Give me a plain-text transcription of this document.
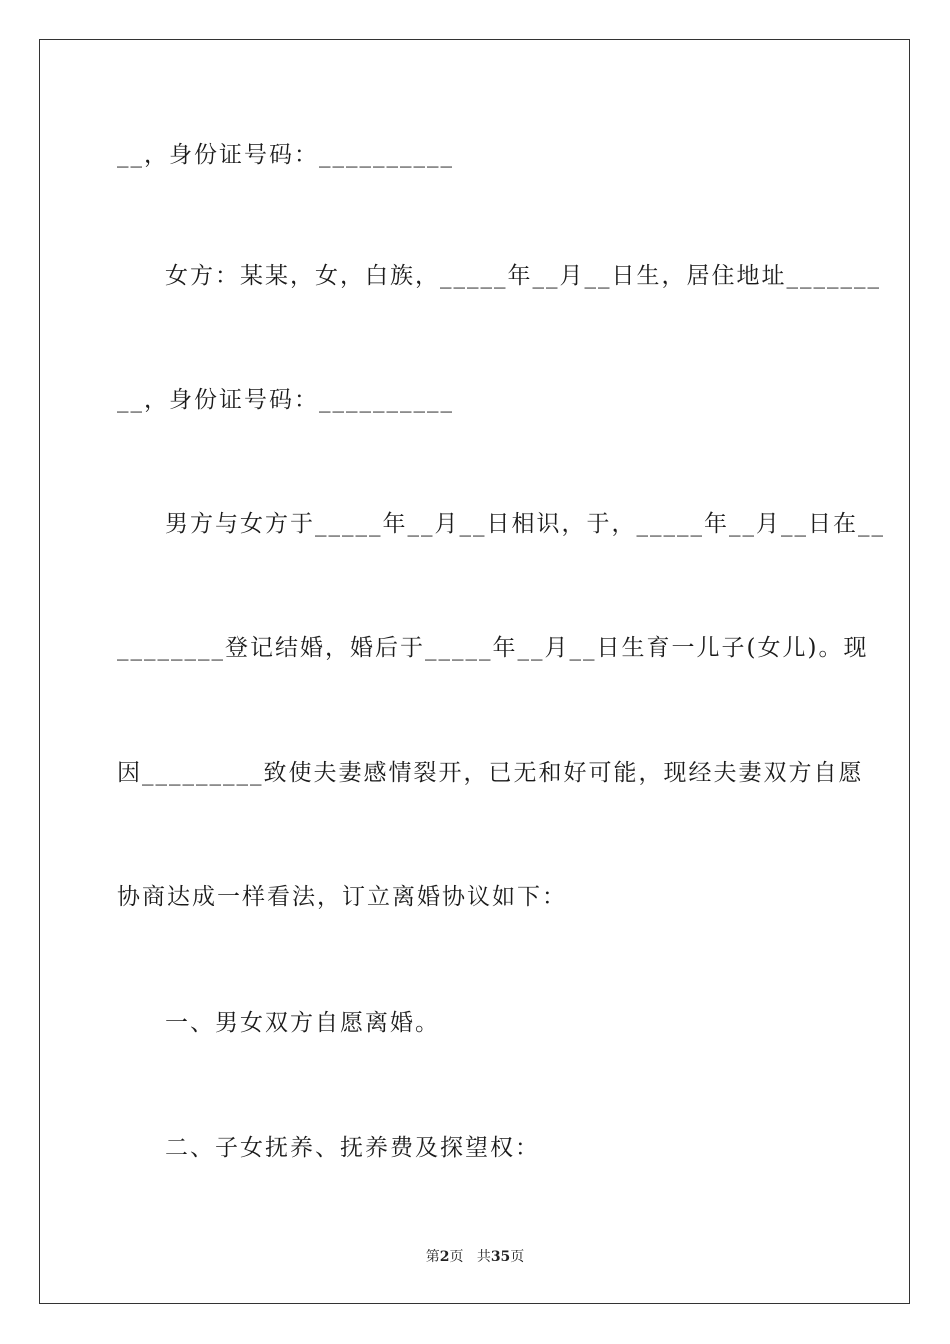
__，身份证号码：__________
女方：某某，女，白族，_____年__月__日生，居住地址_______
__，身份证号码：__________
男方与女方于_____年__月__日相识，于，_____年__月__日在__
________登记结婚，婚后于_____年__月__日生育一儿子(女儿)。现
因_________致使夫妻感情裂开，已无和好可能，现经夫妻双方自愿
协商达成一样看法，订立离婚协议如下：
一、男女双方自愿离婚。
二、子女抚养、抚养费及探望权：
第2页 共35页
